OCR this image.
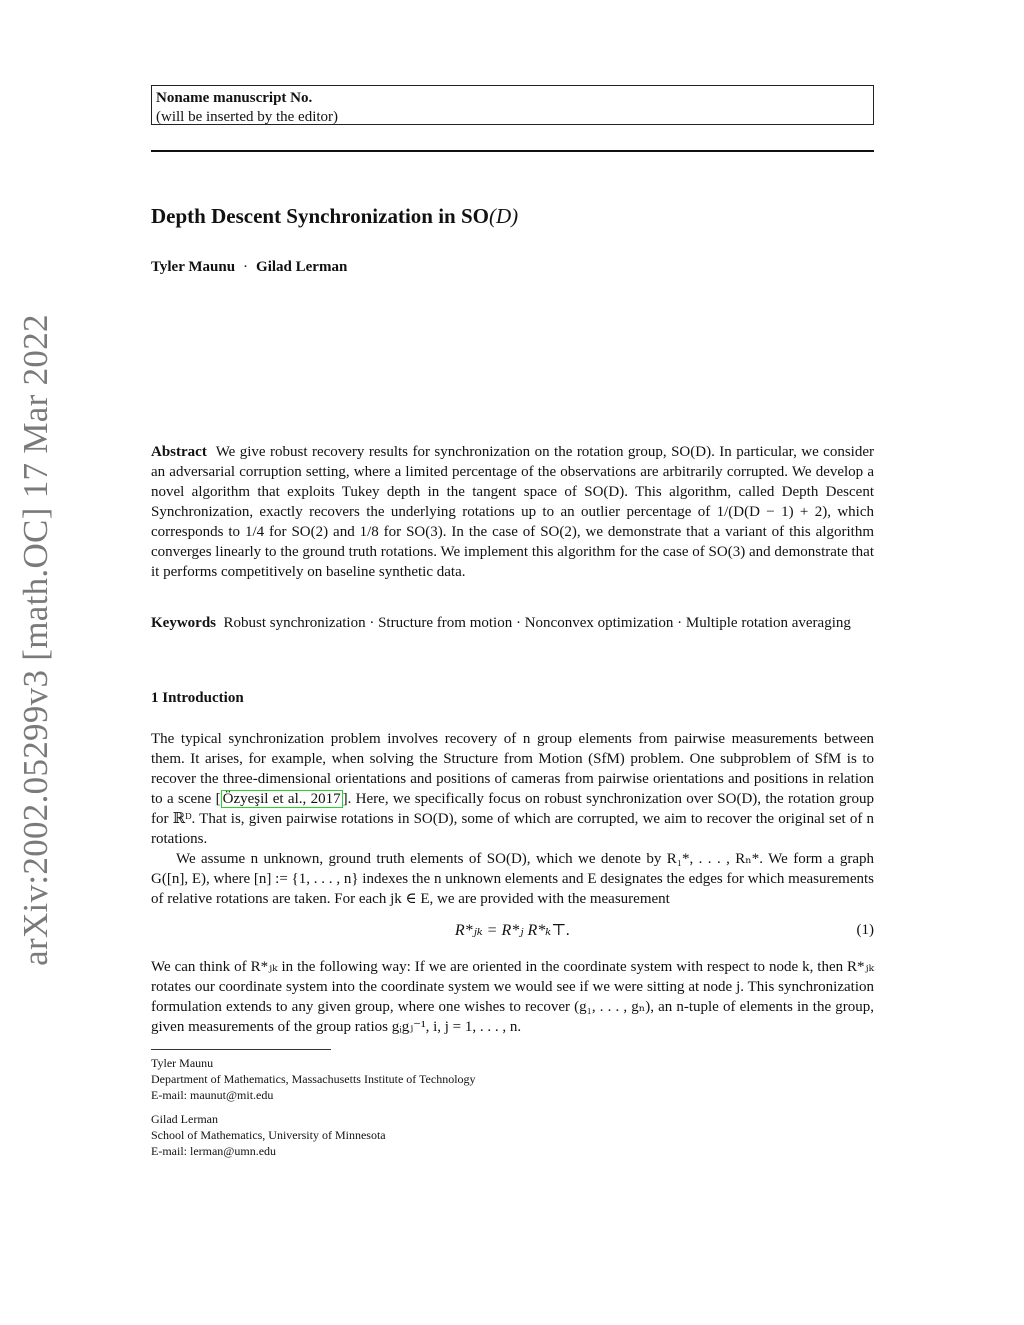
arXiv:2002.05299v3 [math.OC] 17 Mar 2022
Noname manuscript No.
(will be inserted by the editor)
Depth Descent Synchronization in SO(D)
Tyler Maunu · Gilad Lerman

Abstract We give robust recovery results for synchronization on the rotation group, SO(D). In particular, we consider an adversarial corruption setting, where a limited percentage of the observations are arbitrarily corrupted. We develop a novel algorithm that exploits Tukey depth in the tangent space of SO(D). This algorithm, called Depth Descent Synchronization, exactly recovers the underlying rotations up to an outlier percentage of 1/(D(D − 1) + 2), which corresponds to 1/4 for SO(2) and 1/8 for SO(3). In the case of SO(2), we demonstrate that a variant of this algorithm converges linearly to the ground truth rotations. We implement this algorithm for the case of SO(3) and demonstrate that it performs competitively on baseline synthetic data.

Keywords Robust synchronization · Structure from motion · Nonconvex optimization · Multiple rotation averaging

1 Introduction

The typical synchronization problem involves recovery of n group elements from pairwise measurements between them. It arises, for example, when solving the Structure from Motion (SfM) problem. One subproblem of SfM is to recover the three-dimensional orientations and positions of cameras from pairwise orientations and positions in relation to a scene [ Özyeşil et al., 2017 ]. Here, we specifically focus on robust synchronization over SO(D), the rotation group for ℝᴰ. That is, given pairwise rotations in SO(D), some of which are corrupted, we aim to recover the original set of n rotations.

We assume n unknown, ground truth elements of SO(D), which we denote by R₁*, . . . , Rₙ*. We form a graph G([n], E), where [n] := {1, . . . , n} indexes the n unknown elements and E designates the edges for which measurements of relative rotations are taken. For each jk ∈ E, we are provided with the measurement

R*ⱼₖ = R*ⱼ R*ₖ⊤.	(1)

We can think of R*ⱼₖ in the following way: If we are oriented in the coordinate system with respect to node k, then R*ⱼₖ rotates our coordinate system into the coordinate system we would see if we were sitting at node j. This synchronization formulation extends to any given group, where one wishes to recover (g₁, . . . , gₙ), an n-tuple of elements in the group, given measurements of the group ratios gᵢgⱼ⁻¹, i, j = 1, . . . , n.

Tyler Maunu

Department of Mathematics, Massachusetts Institute of Technology

E-mail: maunut@mit.edu

Gilad Lerman

School of Mathematics, University of Minnesota

E-mail: lerman@umn.edu
